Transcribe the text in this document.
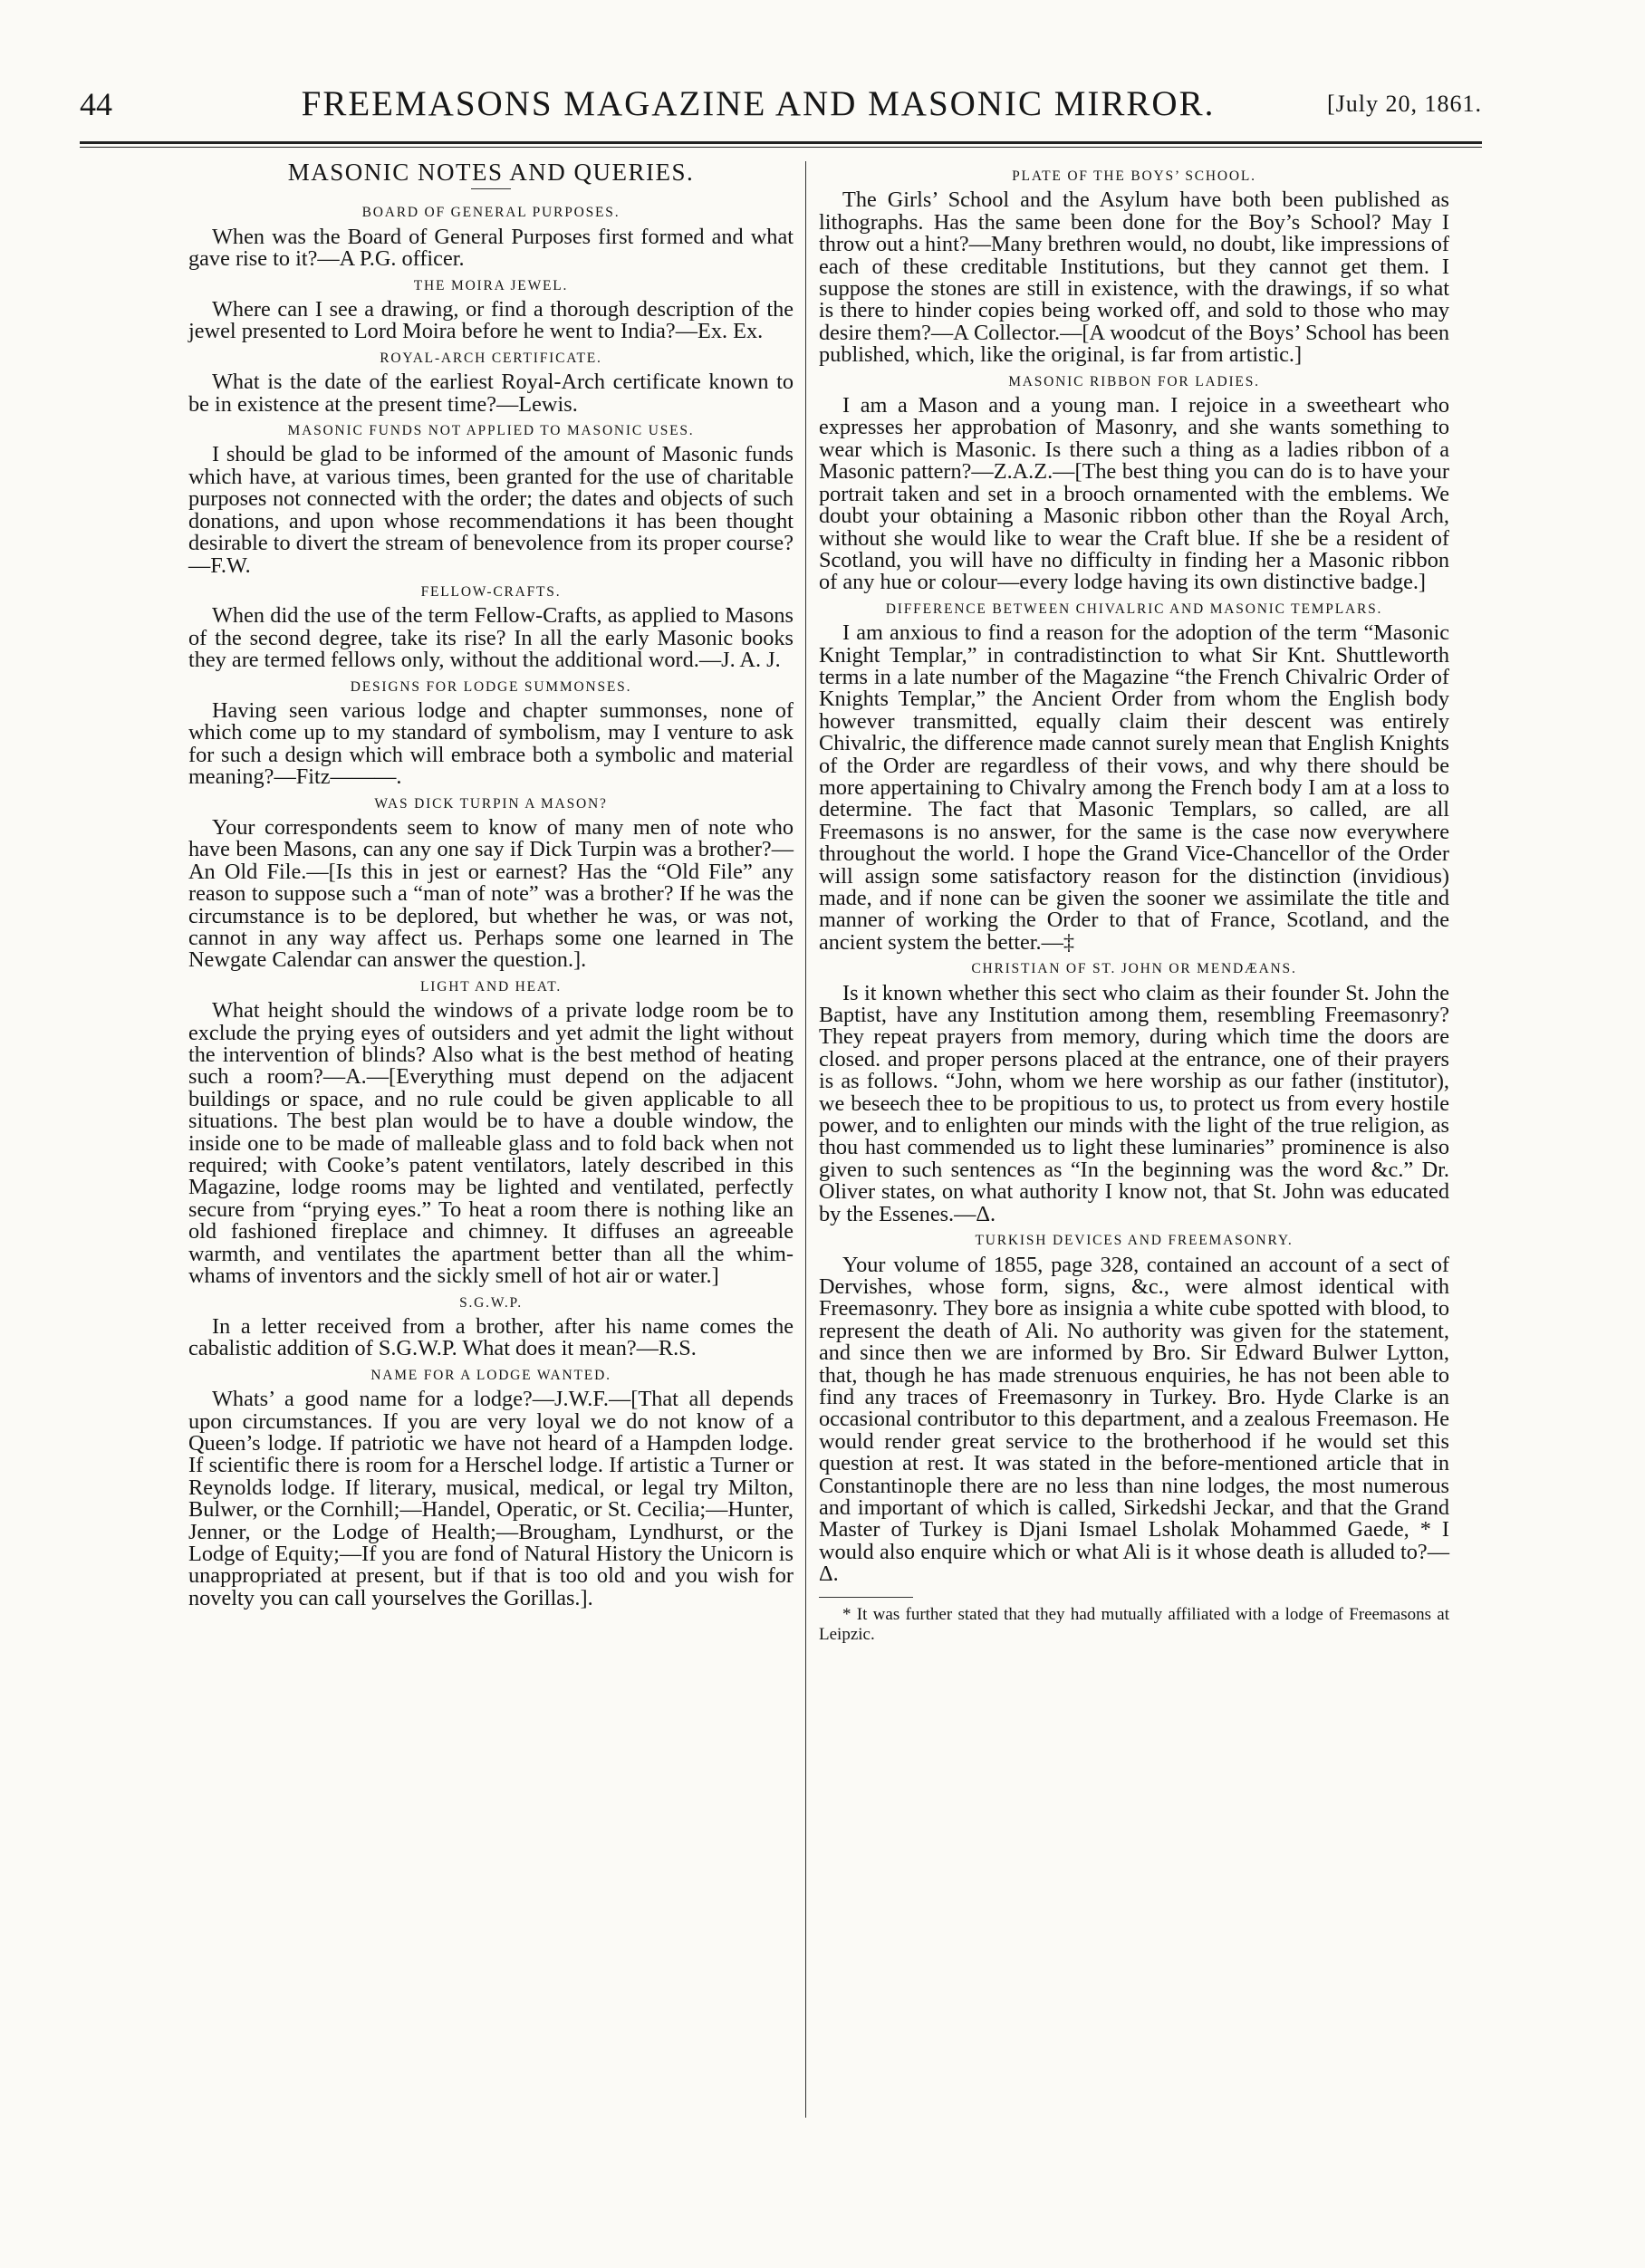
44	FREEMASONS MAGAZINE AND MASONIC MIRROR.	[July 20, 1861.
MASONIC NOTES AND QUERIES.
BOARD OF GENERAL PURPOSES.

When was the Board of General Purposes first formed and what gave rise to it?—A P.G. officer.

THE MOIRA JEWEL.

Where can I see a drawing, or find a thorough description of the jewel presented to Lord Moira before he went to India?—Ex. Ex.

ROYAL-ARCH CERTIFICATE.

What is the date of the earliest Royal-Arch certificate known to be in existence at the present time?—Lewis.

MASONIC FUNDS NOT APPLIED TO MASONIC USES.

I should be glad to be informed of the amount of Masonic funds which have, at various times, been granted for the use of charitable purposes not connected with the order; the dates and objects of such donations, and upon whose recommendations it has been thought desirable to divert the stream of benevolence from its proper course?—F.W.

FELLOW-CRAFTS.

When did the use of the term Fellow-Crafts, as applied to Masons of the second degree, take its rise? In all the early Masonic books they are termed fellows only, without the additional word.—J. A. J.

DESIGNS FOR LODGE SUMMONSES.

Having seen various lodge and chapter summonses, none of which come up to my standard of symbolism, may I venture to ask for such a design which will embrace both a symbolic and material meaning?—Fitz———.

WAS DICK TURPIN A MASON?

Your correspondents seem to know of many men of note who have been Masons, can any one say if Dick Turpin was a brother?—An Old File.—[Is this in jest or earnest? Has the “Old File” any reason to suppose such a “man of note” was a brother? If he was the circumstance is to be deplored, but whether he was, or was not, cannot in any way affect us. Perhaps some one learned in The Newgate Calendar can answer the question.].

LIGHT AND HEAT.

What height should the windows of a private lodge room be to exclude the prying eyes of outsiders and yet admit the light without the intervention of blinds? Also what is the best method of heating such a room?—A.—[Everything must depend on the adjacent buildings or space, and no rule could be given applicable to all situations. The best plan would be to have a double window, the inside one to be made of malleable glass and to fold back when not required; with Cooke’s patent ventilators, lately described in this Magazine, lodge rooms may be lighted and ventilated, perfectly secure from “prying eyes.” To heat a room there is nothing like an old fashioned fireplace and chimney. It diffuses an agreeable warmth, and ventilates the apartment better than all the whim-whams of inventors and the sickly smell of hot air or water.]

S.G.W.P.

In a letter received from a brother, after his name comes the cabalistic addition of S.G.W.P. What does it mean?—R.S.

NAME FOR A LODGE WANTED.

Whats’ a good name for a lodge?—J.W.F.—[That all depends upon circumstances. If you are very loyal we do not know of a Queen’s lodge. If patriotic we have not heard of a Hampden lodge. If scientific there is room for a Herschel lodge. If artistic a Turner or Reynolds lodge. If literary, musical, medical, or legal try Milton, Bulwer, or the Cornhill;—Handel, Operatic, or St. Cecilia;—Hunter, Jenner, or the Lodge of Health;—Brougham, Lyndhurst, or the Lodge of Equity;—If you are fond of Natural History the Unicorn is unappropriated at present, but if that is too old and you wish for novelty you can call yourselves the Gorillas.].

PLATE OF THE BOYS’ SCHOOL.

The Girls’ School and the Asylum have both been published as lithographs. Has the same been done for the Boy’s School? May I throw out a hint?—Many brethren would, no doubt, like impressions of each of these creditable Institutions, but they cannot get them. I suppose the stones are still in existence, with the drawings, if so what is there to hinder copies being worked off, and sold to those who may desire them?—A Collector.—[A woodcut of the Boys’ School has been published, which, like the original, is far from artistic.]

MASONIC RIBBON FOR LADIES.

I am a Mason and a young man. I rejoice in a sweetheart who expresses her approbation of Masonry, and she wants something to wear which is Masonic. Is there such a thing as a ladies ribbon of a Masonic pattern?—Z.A.Z.—[The best thing you can do is to have your portrait taken and set in a brooch ornamented with the emblems. We doubt your obtaining a Masonic ribbon other than the Royal Arch, without she would like to wear the Craft blue. If she be a resident of Scotland, you will have no difficulty in finding her a Masonic ribbon of any hue or colour—every lodge having its own distinctive badge.]

DIFFERENCE BETWEEN CHIVALRIC AND MASONIC TEMPLARS.

I am anxious to find a reason for the adoption of the term “Masonic Knight Templar,” in contradistinction to what Sir Knt. Shuttleworth terms in a late number of the Magazine “the French Chivalric Order of Knights Templar,” the Ancient Order from whom the English body however transmitted, equally claim their descent was entirely Chivalric, the difference made cannot surely mean that English Knights of the Order are regardless of their vows, and why there should be more appertaining to Chivalry among the French body I am at a loss to determine. The fact that Masonic Templars, so called, are all Freemasons is no answer, for the same is the case now everywhere throughout the world. I hope the Grand Vice-Chancellor of the Order will assign some satisfactory reason for the distinction (invidious) made, and if none can be given the sooner we assimilate the title and manner of working the Order to that of France, Scotland, and the ancient system the better.—‡

CHRISTIAN OF ST. JOHN OR MENDÆANS.

Is it known whether this sect who claim as their founder St. John the Baptist, have any Institution among them, resembling Freemasonry? They repeat prayers from memory, during which time the doors are closed. and proper persons placed at the entrance, one of their prayers is as follows. “John, whom we here worship as our father (institutor), we beseech thee to be propitious to us, to protect us from every hostile power, and to enlighten our minds with the light of the true religion, as thou hast commended us to light these luminaries” prominence is also given to such sentences as “In the beginning was the word &c.” Dr. Oliver states, on what authority I know not, that St. John was educated by the Essenes.—Δ.

TURKISH DEVICES AND FREEMASONRY.

Your volume of 1855, page 328, contained an account of a sect of Dervishes, whose form, signs, &c., were almost identical with Freemasonry. They bore as insignia a white cube spotted with blood, to represent the death of Ali. No authority was given for the statement, and since then we are informed by Bro. Sir Edward Bulwer Lytton, that, though he has made strenuous enquiries, he has not been able to find any traces of Freemasonry in Turkey. Bro. Hyde Clarke is an occasional contributor to this department, and a zealous Freemason. He would render great service to the brotherhood if he would set this question at rest. It was stated in the before-mentioned article that in Constantinople there are no less than nine lodges, the most numerous and important of which is called, Sirkedshi Jeckar, and that the Grand Master of Turkey is Djani Ismael Lsholak Mohammed Gaede, * I would also enquire which or what Ali is it whose death is alluded to?—Δ.

* It was further stated that they had mutually affiliated with a lodge of Freemasons at Leipzic.
